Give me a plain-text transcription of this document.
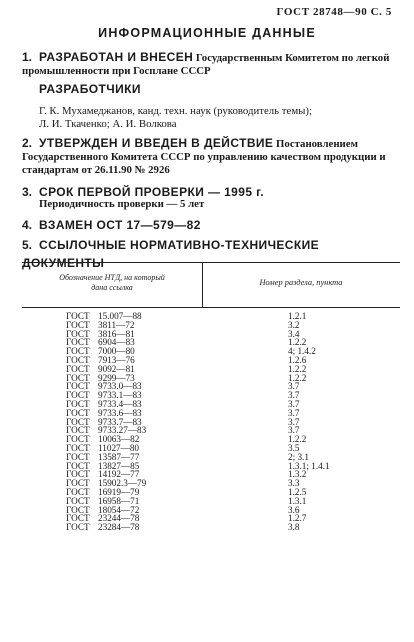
ГОСТ 28748—90 С. 5
ИНФОРМАЦИОННЫЕ ДАННЫЕ
1. РАЗРАБОТАН И ВНЕСЕН Государственным Комитетом по легкой промышленности при Госплане СССР
РАЗРАБОТЧИКИ
Г. К. Мухамеджанов, канд. техн. наук (руководитель темы);
Л. И. Ткаченко; А. И. Волкова
2. УТВЕРЖДЕН И ВВЕДЕН В ДЕЙСТВИЕ Постановлением Государственного Комитета СССР по управлению качеством продукции и стандартам от 26.11.90 № 2926
3. СРОК ПЕРВОЙ ПРОВЕРКИ — 1995 г.
Периодичность проверки — 5 лет
4. ВЗАМЕН ОСТ 17—579—82
5. ССЫЛОЧНЫЕ НОРМАТИВНО-ТЕХНИЧЕСКИЕ ДОКУМЕНТЫ
Обозначение НТД, на который
дана ссылка
Номер раздела, пункта
ГОСТ 15.007—88	1.2.1
ГОСТ 3811—72	3.2
ГОСТ 3816—81	3.4
ГОСТ 6904—83	1.2.2
ГОСТ 7000—80	4; 1.4.2
ГОСТ 7913—76	1.2.6
ГОСТ 9092—81	1.2.2
ГОСТ 9299—73	1.2.2
ГОСТ 9733.0—83	3.7
ГОСТ 9733.1—83	3.7
ГОСТ 9733.4—83	3.7
ГОСТ 9733.6—83	3.7
ГОСТ 9733.7—83	3.7
ГОСТ 9733.27—83	3.7
ГОСТ 10063—82	1.2.2
ГОСТ 11027—80	3.5
ГОСТ 13587—77	2; 3.1
ГОСТ 13827—85	1.3.1; 1.4.1
ГОСТ 14192—77	1.3.2
ГОСТ 15902.3—79	3.3
ГОСТ 16919—79	1.2.5
ГОСТ 16958—71	1.3.1
ГОСТ 18054—72	3.6
ГОСТ 23244—78	1.2.7
ГОСТ 23284—78	3.8
